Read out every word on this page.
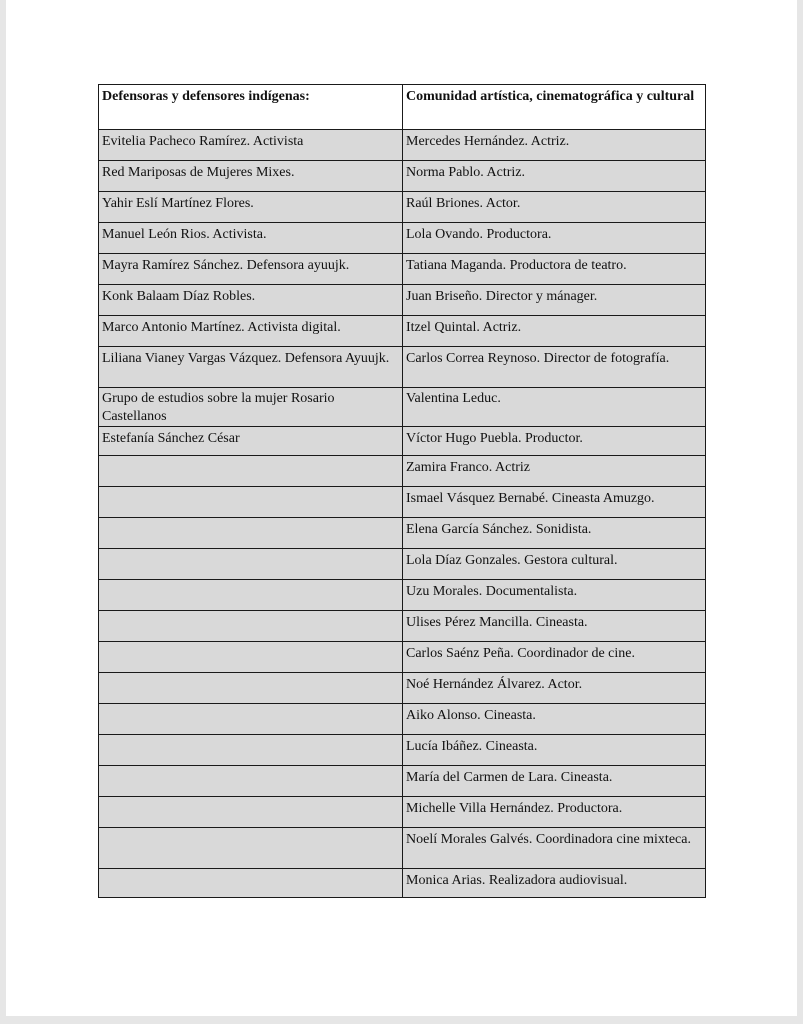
Defensoras y defensores indígenas:	Comunidad artística, cinematográfica y cultural

Evitelia Pacheco Ramírez. Activista	Mercedes Hernández. Actriz.

Red Mariposas de Mujeres Mixes.	Norma Pablo. Actriz.

Yahir Eslí Martínez Flores.	Raúl Briones. Actor.

Manuel León Rios. Activista.	Lola Ovando. Productora.

Mayra Ramírez Sánchez. Defensora ayuujk.	Tatiana Maganda. Productora de teatro.

Konk Balaam Díaz Robles.	Juan Briseño. Director y mánager.

Marco Antonio Martínez. Activista digital.	Itzel Quintal. Actriz.

Liliana Vianey Vargas Vázquez. Defensora Ayuujk.	Carlos Correa Reynoso. Director de fotografía.

Grupo de estudios sobre la mujer Rosario Castellanos	Valentina Leduc.

Estefanía Sánchez César	Víctor Hugo Puebla. Productor.

	Zamira Franco. Actriz

	Ismael Vásquez Bernabé. Cineasta Amuzgo.

	Elena García Sánchez. Sonidista.

	Lola Díaz Gonzales. Gestora cultural.

	Uzu Morales. Documentalista.

	Ulises Pérez Mancilla. Cineasta.

	Carlos Saénz Peña. Coordinador de cine.

	Noé Hernández Álvarez. Actor.

	Aiko Alonso. Cineasta.

	Lucía Ibáñez. Cineasta.

	María del Carmen de Lara. Cineasta.

	Michelle Villa Hernández. Productora.

	Noelí Morales Galvés. Coordinadora cine mixteca.

	Monica Arias. Realizadora audiovisual.
